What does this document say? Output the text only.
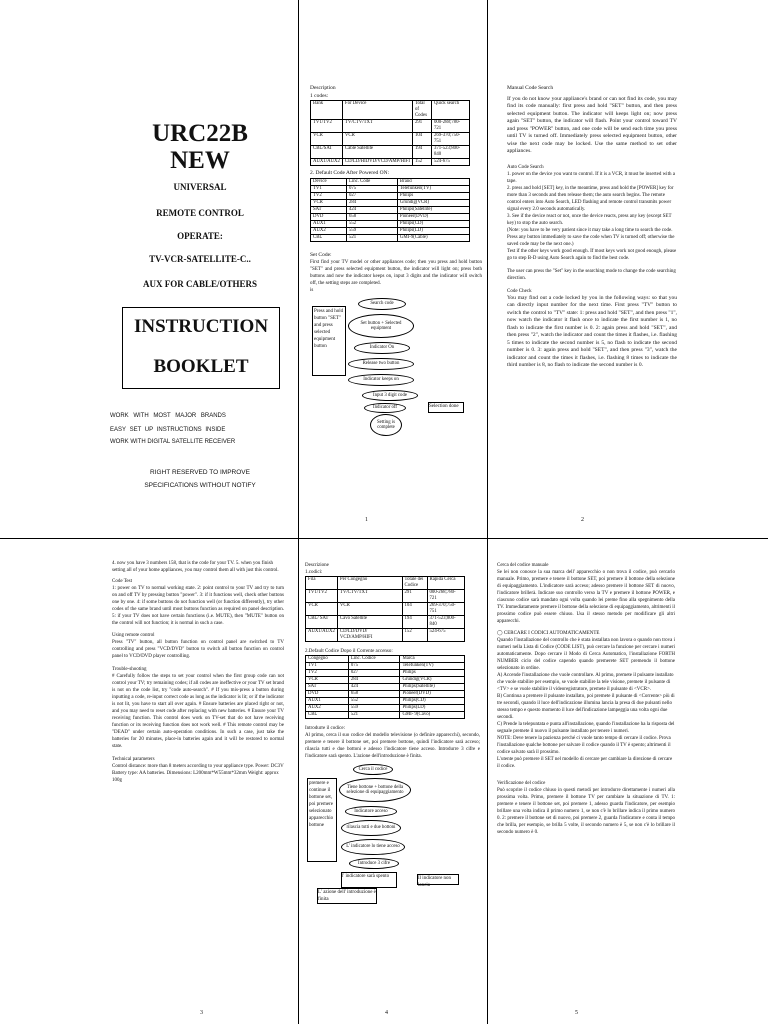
URC22B
NEW
UNIVERSAL
REMOTE CONTROL
OPERATE:
TV-VCR-SATELLITE-C..
AUX FOR CABLE/OTHERS
INSTRUCTION
BOOKLET
WORK WITH MOST MAJOR BRANDS
EASY SET UP INSTRUCTIONS INSIDE
WORK WITH DIGITAL SATELLITE RECEIVER
RIGHT RESERVED TO IMPROVE
SPECIFICATIONS WITHOUT NOTIFY
Description
1 codes:
Bank	For Device	Total of Codes	Quick search
TV1/TV2	TV/CTV/TXT	291	000-288;780-721
VCR	VCR	104	269-370;750-751
CBL/SAT	Cable Satellite	194	371-523;800-840
AUX1/AUX2	CD/LD/HIDVD/VCD/AMP/HIFI	152	524-675
2. Default Code After Powered ON:
Device	Linc. Code	Brand
TV1	075	Telefunken(TV)
TV2	027	Philips
VCR	284	Grundig(VCR)
SAT	424	Philips(Satellite)
DVD	658	Pioneer(DVD)
AUX1	552	Philips(CD)
AUX2	559	Philips(LD)
CBL	521	GMI-9(Cable)
Set Code:
First find your TV model or other appliances code; then you press and hold button "SET" and press selected equipment button, the indicator will light on; press both buttons and now the indicator keeps on, input 3 digits and the indicator will switch off, the setting steps are completed.
is
Press and hold button "SET" and press selected equipment button
Search code
Set button + Selected equipment
Indicator On
Release two button
Indicator keeps on
Input 3 digit code
Indicator off	Selection done
Setting is complete
1
Manual Code Search
If you do not know your appliance's brand or can not find its code, you may find its code manually: first press and hold "SET" button, and then press selected equipment button. The indicator will keeps light on; now press again "SET" button, the indicator will flash. Point your control toward TV and press "POWER" button, and one code will be send each time you press until TV is turned off. Immediately press selected equipment button, other wise the next code may be locked. Use the same method to set other appliances.
Auto Code Search
1. power on the device you want to control. If it is a VCR, it must be inserted with a tape.
2. press and hold [SET] key, in the meantime, press and hold the [POWER] key for more than 3 seconds and then release them; the auto search begins. The remote control enters into Auto Search, LED flashing and remote control transmits power signal every 2.0 seconds automatically.
3. See if the device react or not, once the device reacts, press any key (except SET key) to stop the auto search.
(Note: you have to be very patient since it may take a long time to search the code. Press any button immediately to save the code when TV is turned off; otherwise the saved code may be the next one.)
Test if the other keys work good enough. If most keys work not good enough, please go to step B-D using Auto Search again to find the best code.
The user can press the "Set" key in the searching mode to change the code searching direction.
Code Check
You may find out a code locked by you in the following ways: so that you can directly input number for the next time. First press "TV" button to switch the control to "TV" state: 1: press and hold "SET", and then press "1", now watch the indicator it flash once to indicate the first number is 1, no flash to indicate the first number is 0. 2: again press and hold "SET", and then press "2", watch the indicator and count the times it flashes, i.e. flashing 5 times to indicate the second number is 5, no flash to indicate the second number is 0. 3: again press and hold "SET", and then press "3", watch the indicator and count the times it flashes, i.e. flashing 8 times to indicate the third number is 8, no flash to indicate the second number is 0.
2
4. now you have 3 numbers 158, that is the code for your TV. 5. when you finish setting all of your home appliances, you may control them all with just this control.
Code Test
1: power on TV to normal working state. 2: point control to your TV and try to turn on and off TV by pressing button "power". 3: if it functions well, check other buttons one by one. 4: if some buttons do not function well (or function differently), try other codes of the same brand until most buttons function as required on panel description. 5: if your TV does not have certain functions (i.e. MUTE), then "MUTE" button on the control will not function; it is normal in such a case.
Using remote control
Press "TV" button, all button function on control panel are switched to TV controlling and press "VCD/DVD" button to switch all button function on control panel to VCD/DVD player controlling.
Trouble-shooting
# Carefully follow the steps to set your control when the first group code can not control your TV; try remaining codes; if all codes are ineffective or your TV set brand is not on the code list, try "code auto-search". # If you mis-press a button during inputting a code, re-input correct code as long as the indicator is lit; or if the indicator is not lit, you have to start all over again. # Ensure batteries are placed right or not, and you may need to reset code after replacing with new batteries. # Ensure your TV receiving function. This control does work on TV-set that do not have receiving function or its receiving function does not work well. # This remote control may be "DEAD" under certain auto-operation conditions. In such a case, just take the batteries for 20 minutes, place-in batteries again and it will be restored to normal state.
Technical parameters
Control distance: more than 8 meters according to your appliance type. Power: DC3V Battery type: AA batteries. Dimensions: L200mm*W55mm*32mm Weight: approx 100g
3
Descrizione
1.codici:
Fila	Per Congegno	Totale dei Codice	Rapida Cerca
TV1/TV2	TV/CTV/TXT	291	000-268;780-721
VCR	VCR	104	269-370;750-751
CBL/ SAT	Cavo Satellite	194	371-523;800-840
AUX1/AUX2	CD/LD/DVD/ VCD/AMP/HIFI	152	524-675
2.Default Codice Dopo il Corrente accenso:
Congegno	Linc. Codice	Marca
TV1	075	Telefunken(TV)
TV2	027	Philips
VCR	284	Grundig(VCR)
SAT	424	Philips(Satellite)
DVD	658	Pioneer(DVD)
AUX1	552	Philips(CD)
AUX2	559	Philips(LD)
CBL	521	GMI- 9(Cavo)
Introdurre il codice:
Al primo, cerca il suo codice del modello televisione (o definire apparecchi), secondo, premere e tenere il bottone set, poi premere bottone, quindi l'indicatore sarà acceso; rilascia tutti e due bottoni e adesso l'indicatore tiene acceso. Introdurre 3 cifre e l'indicatore sarà spento. L'azione dell'introduzione è finita.
premere e continue il bottone set, poi premere selezionato apparecchio bottone
Cerca il codice
Tiene bottone + bottone della selezione di equipaggiamento
Indicatore acceso
rilascia tutti e due bottoni
L' indicatore lo tiene acceso
Introduce 3 cifre
l' indicatore sarà spento	Il indicatore non lancia
L' azione dell' introduzione è finita
4
Cerca del codice manuale
Se lei non conosce la sua marca dell' apparecchio o non trova il codice, può cercarlo manuale. Primo, premere e tenere il bottone SET, poi premere il bottone della selezione di equipaggiamento. L'indicatore sarà acceso; adesso premere il bottone SET di nuovo, l'indicatore brillerà. Indicare suo controllo verso la TV e premere il bottone POWER, e ciascuno codice sarà mandato ogni volta quando lei preme fino alla spegnimento della TV. Immediatamente premere il bottone della selezione di equipaggiamento, altrimenti il prossimo codice può essere chiuso. Usa il stesso metodo per modificare gli altri apparecchi.
◯ CERCARE I CODICI AUTOMATICAMENTE
Quando l'installazione del controllo che è stata installata non lavora o quando non trova i numeri nella Lista di Codice (CODE LIST), può cercare la funzione per cercare i numeri automaticamente. Dopo cercare il Modo di Cerca Automatico, l'installazione FORTH NUMBER ciclo del codice capendo quando premerete SET premendo il bottone selezionato in ordine.
A) Accende l'installazione che vuole controllare. Al primo, premete il pulsante installato che vuole stabilire per esempio, se vuole stabilire la tele visione, premete il pulsante di <TV> e se vuole stabilire il videoregistratore, premete il pulsante di <VCR>.
B) Continua a premere il pulsante installato, poi premete il pulsante di <Corrente> più di tre secondi, quando il luce dell'indicazione illumina lancia la presa di due pulsanti nello stesso tempo e questo momento il luce dell'indicazione lampeggia una volta ogni due secondi.
C) Prende la telepuntata e punta all'installazione, quando l'installazione ha la risposta del segnale premete il nuovo il pulsante installato per tenere i numeri.
NOTE: Deve tenere la pazienza perché ci vuole tanto tempo di cercare il codice. Prova l'installazione qualche bottone per salvare il codice quando il TV è spento; altrimenti il codice salvato sarà il prossimo.
L'utente può premere il SET nel modello di cercare per cambiare la direzione di cercare il codice.
Verificazione del codice
Può scoprire il codice chiuso in questi metodi per introdurre direttamente i numeri alla prossima volta. Primo, premere il bottone TV per cambiare la situazione di TV. 1: premere e tenere il bottone set, poi premere 1, adesso guarda l'indicatore, per esempio brillare una volta indica il primo numero 1, se non c'è lo brillare indica il primo numero 0. 2: premere il bottone set di nuovo, poi premere 2, guarda l'indicatore e conta il tempo che brilla, per esempio, se brilla 5 volte, il secondo numero è 5, se non c'è lo brillare il secondo numero è 0.
5
